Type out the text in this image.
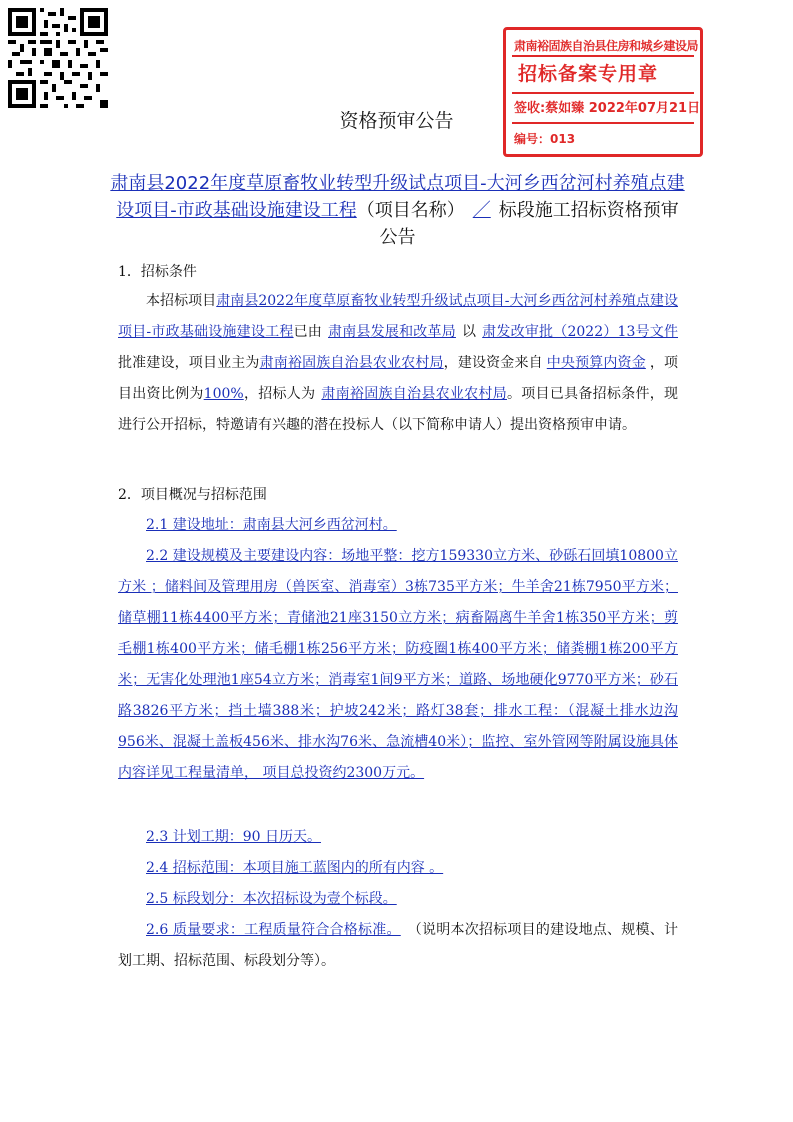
肃南裕固族自治县住房和城乡建设局
招标备案专用章
签收:蔡如臻 2022年07月21日
编号：013
资格预审公告
肃南县2022年度草原畜牧业转型升级试点项目-大河乡西岔河村养殖点建设项目-市政基础设施建设工程（项目名称） ／ 标段施工招标资格预审公告
1．招标条件
本招标项目肃南县2022年度草原畜牧业转型升级试点项目-大河乡西岔河村养殖点建设项目-市政基础设施建设工程已由 肃南县发展和改革局 以 肃发改审批（2022）13号文件批准建设，项目业主为肃南裕固族自治县农业农村局，建设资金来自 中央预算内资金 ，项目出资比例为100%，招标人为 肃南裕固族自治县农业农村局。项目已具备招标条件，现进行公开招标，特邀请有兴趣的潜在投标人（以下简称申请人）提出资格预审申请。
2．项目概况与招标范围
2.1 建设地址：肃南县大河乡西岔河村。
2.2 建设规模及主要建设内容：场地平整：挖方159330立方米、砂砾石回填10800立方米 ；储料间及管理用房（兽医室、消毒室）3栋735平方米；牛羊舍21栋7950平方米；储草棚11栋4400平方米；青储池21座3150立方米；病畜隔离牛羊舍1栋350平方米；剪毛棚1栋400平方米；储毛棚1栋256平方米；防疫圈1栋400平方米；储粪棚1栋200平方米；无害化处理池1座54立方米；消毒室1间9平方米；道路、场地硬化9770平方米；砂石路3826平方米；挡土墙388米；护坡242米；路灯38套；排水工程：（混凝土排水边沟956米、混凝土盖板456米、排水沟76米、急流槽40米）；监控、室外管网等附属设施具体内容详见工程量清单， 项目总投资约2300万元。
2.3 计划工期：90 日历天。
2.4 招标范围：本项目施工蓝图内的所有内容 。
2.5 标段划分：本次招标设为壹个标段。
2.6 质量要求：工程质量符合合格标准。 （说明本次招标项目的建设地点、规模、计划工期、招标范围、标段划分等）。
